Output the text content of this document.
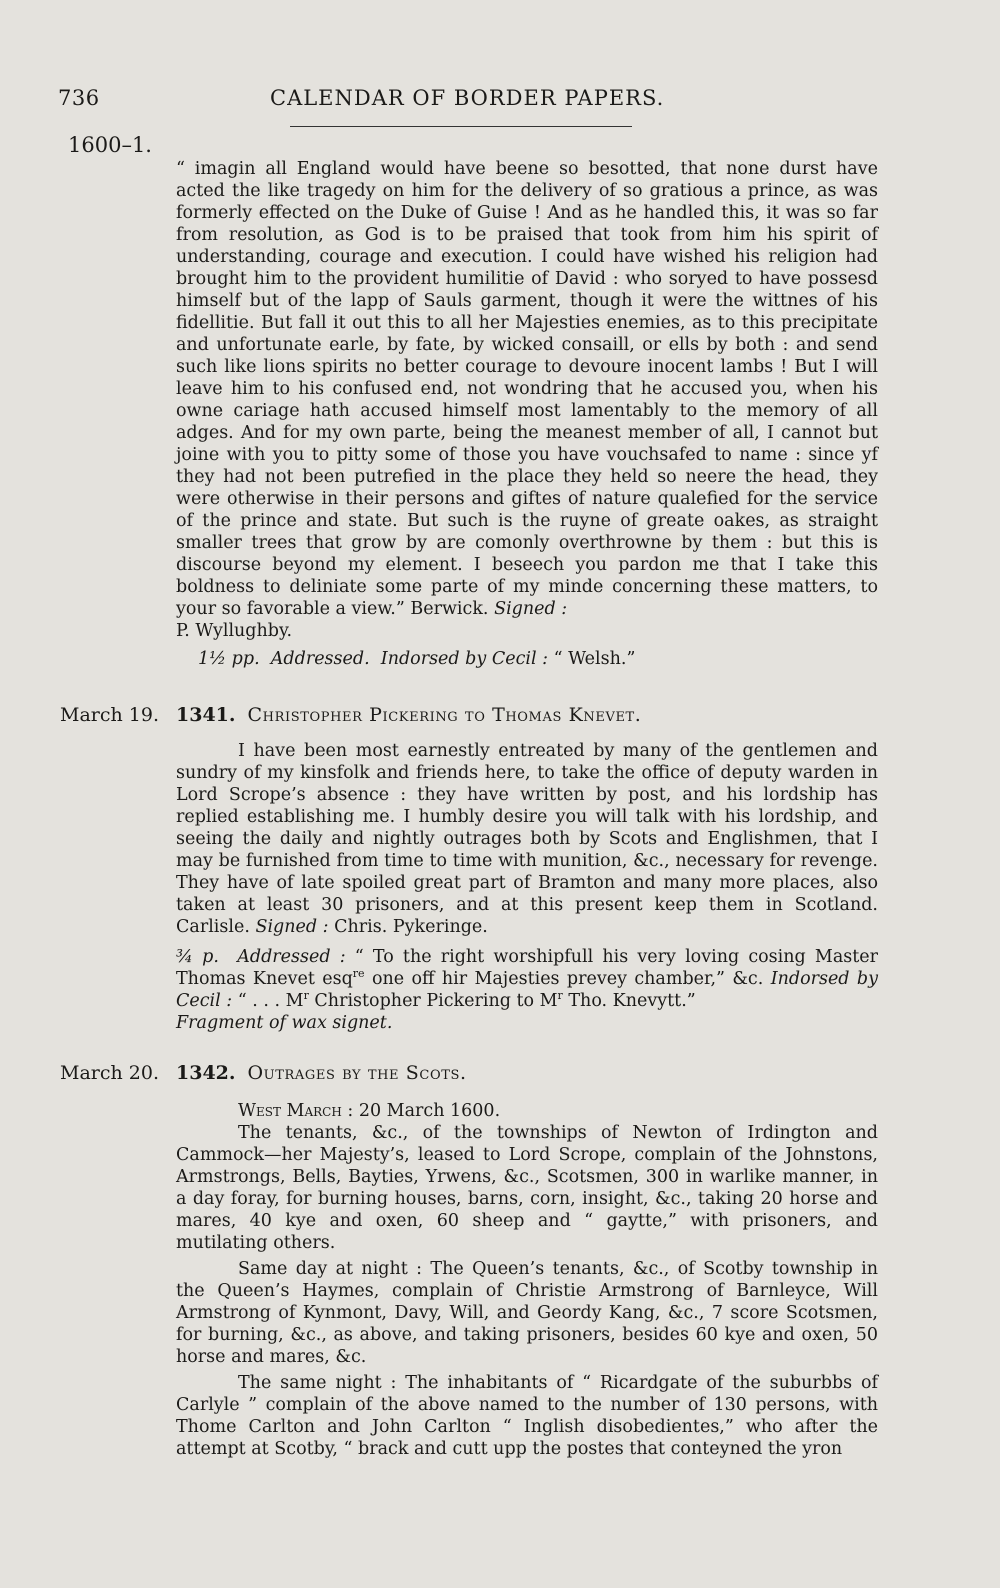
736	CALENDAR OF BORDER PAPERS.
1600–1.

“ imagin all England would have beene so besotted, that none durst have acted the like tragedy on him for the delivery of so gratious a prince, as was formerly effected on the Duke of Guise ! And as he handled this, it was so far from resolution, as God is to be praised that took from him his spirit of understanding, courage and execution. I could have wished his religion had brought him to the provident humilitie of David : who soryed to have possesd himself but of the lapp of Sauls garment, though it were the wittnes of his fidellitie. But fall it out this to all her Majesties enemies, as to this precipitate and unfortunate earle, by fate, by wicked consaill, or ells by both : and send such like lions spirits no better courage to devoure inocent lambs ! But I will leave him to his confused end, not wondring that he accused you, when his owne cariage hath accused himself most lamentably to the memory of all adges. And for my own parte, being the meanest member of all, I cannot but joine with you to pitty some of those you have vouchsafed to name : since yf they had not been putrefied in the place they held so neere the head, they were otherwise in their persons and giftes of nature qualefied for the service of the prince and state. But such is the ruyne of greate oakes, as straight smaller trees that grow by are comonly overthrowne by them : but this is discourse beyond my element. I beseech you pardon me that I take this boldness to deliniate some parte of my minde concerning these matters, to your so favorable a view.” Berwick. Signed :
P. Wyllughby.

1½ pp. Addressed. Indorsed by Cecil : “ Welsh.”

March 19. 1341. Christopher Pickering to Thomas Knevet.

I have been most earnestly entreated by many of the gentlemen and sundry of my kinsfolk and friends here, to take the office of deputy warden in Lord Scrope’s absence : they have written by post, and his lordship has replied establishing me. I humbly desire you will talk with his lordship, and seeing the daily and nightly outrages both by Scots and Englishmen, that I may be furnished from time to time with munition, &c., necessary for revenge. They have of late spoiled great part of Bramton and many more places, also taken at least 30 prisoners, and at this present keep them in Scotland. Carlisle. Signed : Chris. Pykeringe.

¾ p. Addressed : “ To the right worshipfull his very loving cosing Master Thomas Knevet esq$^{re}$ one off hir Majesties prevey chamber,” &c. Indorsed by Cecil : “ . . . $M^r$ Christopher Pickering to $M^r$ Tho. Knevytt.”
Fragment of wax signet.

March 20. 1342. Outrages by the Scots.

West March : 20 March 1600.

The tenants, &c., of the townships of Newton of Irdington and Cammock—her Majesty’s, leased to Lord Scrope, complain of the Johnstons, Armstrongs, Bells, Bayties, Yrwens, &c., Scotsmen, 300 in warlike manner, in a day foray, for burning houses, barns, corn, insight, &c., taking 20 horse and mares, 40 kye and oxen, 60 sheep and “ gaytte,” with prisoners, and mutilating others.

Same day at night : The Queen’s tenants, &c., of Scotby township in the Queen’s Haymes, complain of Christie Armstrong of Barnleyce, Will Armstrong of Kynmont, Davy, Will, and Geordy Kang, &c., 7 score Scotsmen, for burning, &c., as above, and taking prisoners, besides 60 kye and oxen, 50 horse and mares, &c.

The same night : The inhabitants of “ Ricardgate of the suburbbs of Carlyle ” complain of the above named to the number of 130 persons, with Thome Carlton and John Carlton “ Inglish disobedientes,” who after the attempt at Scotby, “ brack and cutt upp the postes that conteyned the yron
